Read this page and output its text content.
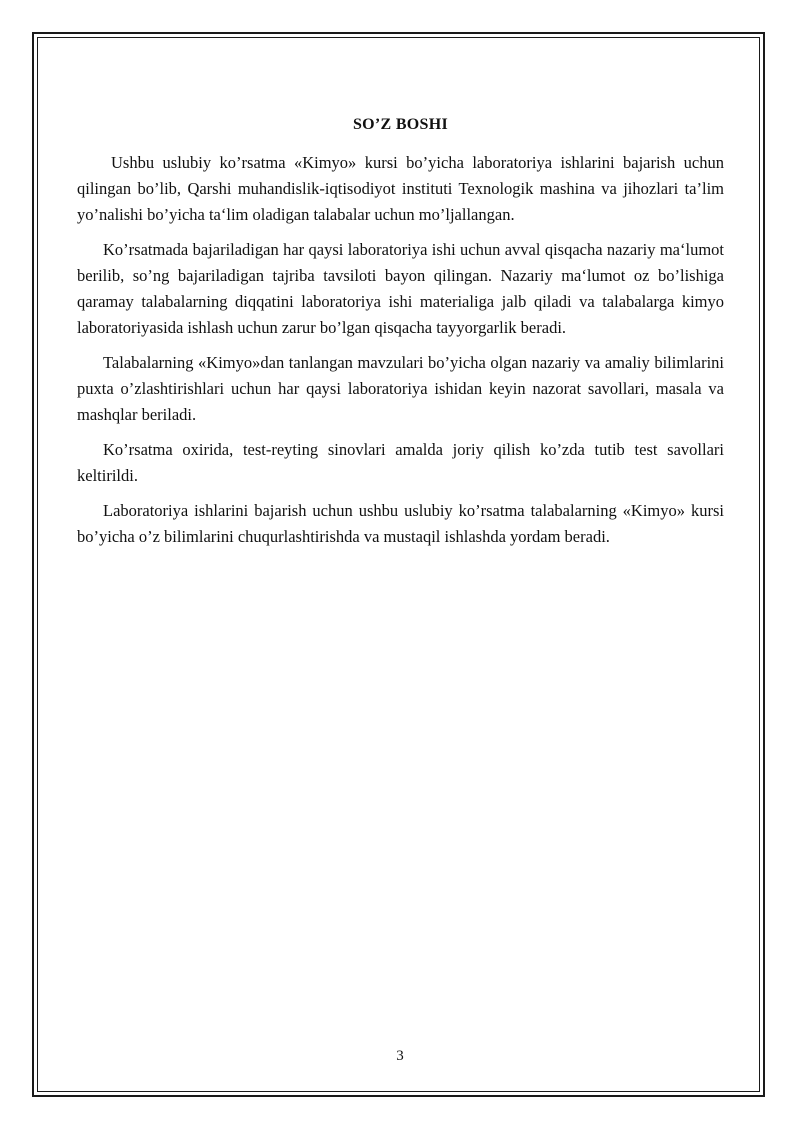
SO’Z BOSHI

Ushbu uslubiy ko’rsatma «Kimyo» kursi bo’yicha laboratoriya ishlarini bajarish uchun qilingan bo’lib, Qarshi muhandislik-iqtisodiyot instituti Texnologik mashina va jihozlari ta’lim yo’nalishi bo’yicha ta‘lim oladigan talabalar uchun mo’ljallangan.

Ko’rsatmada bajariladigan har qaysi laboratoriya ishi uchun avval qisqacha nazariy ma‘lumot berilib, so’ng bajariladigan tajriba tavsiloti bayon qilingan. Nazariy ma‘lumot oz bo’lishiga qaramay talabalarning diqqatini laboratoriya ishi materialiga jalb qiladi va talabalarga kimyo laboratoriyasida ishlash uchun zarur bo’lgan qisqacha tayyorgarlik beradi.

Talabalarning «Kimyo»dan tanlangan mavzulari bo’yicha olgan nazariy va amaliy bilimlarini puxta o’zlashtirishlari uchun har qaysi laboratoriya ishidan keyin nazorat savollari, masala va mashqlar beriladi.

Ko’rsatma oxirida, test-reyting sinovlari amalda joriy qilish ko’zda tutib test savollari keltirildi.

Laboratoriya ishlarini bajarish uchun ushbu uslubiy ko’rsatma talabalarning «Kimyo» kursi bo’yicha o’z bilimlarini chuqurlashtirishda va mustaqil ishlashda yordam beradi.

3
